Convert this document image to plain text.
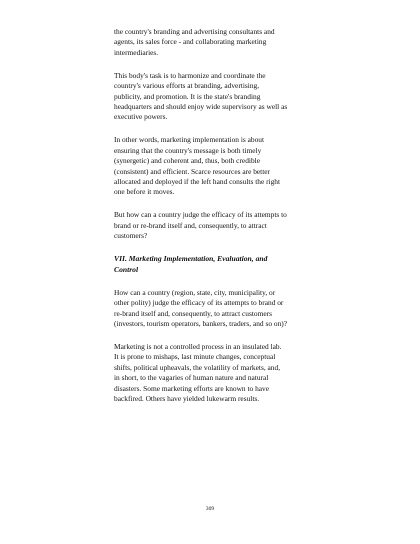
the country's branding and advertising consultants and
agents, its sales force - and collaborating marketing
intermediaries.

This body's task is to harmonize and coordinate the
country's various efforts at branding, advertising,
publicity, and promotion. It is the state's branding
headquarters and should enjoy wide supervisory as well as
executive powers.

In other words, marketing implementation is about
ensuring that the country's message is both timely
(synergetic) and coherent and, thus, both credible
(consistent) and efficient. Scarce resources are better
allocated and deployed if the left hand consults the right
one before it moves.

But how can a country judge the efficacy of its attempts to
brand or re-brand itself and, consequently, to attract
customers?

VII. Marketing Implementation, Evaluation, and
Control

How can a country (region, state, city, municipality, or
other polity) judge the efficacy of its attempts to brand or
re-brand itself and, consequently, to attract customers
(investors, tourism operators, bankers, traders, and so on)?

Marketing is not a controlled process in an insulated lab.
It is prone to mishaps, last minute changes, conceptual
shifts, political upheavals, the volatility of markets, and,
in short, to the vagaries of human nature and natural
disasters. Some marketing efforts are known to have
backfired. Others have yielded lukewarm results.

309
